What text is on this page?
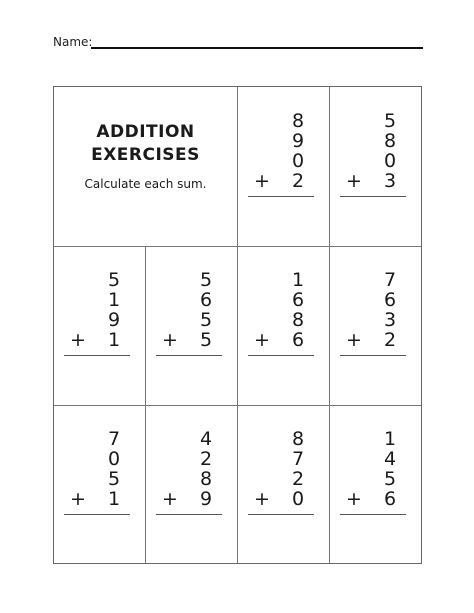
Name:
ADDITION
EXERCISES
Calculate each sum.
8
9
0
+ 2
5
8
0
+ 3
5
1
9
+ 1
5
6
5
+ 5
1
6
8
+ 6
7
6
3
+ 2
7
0
5
+ 1
4
2
8
+ 9
8
7
2
+ 0
1
4
5
+ 6
